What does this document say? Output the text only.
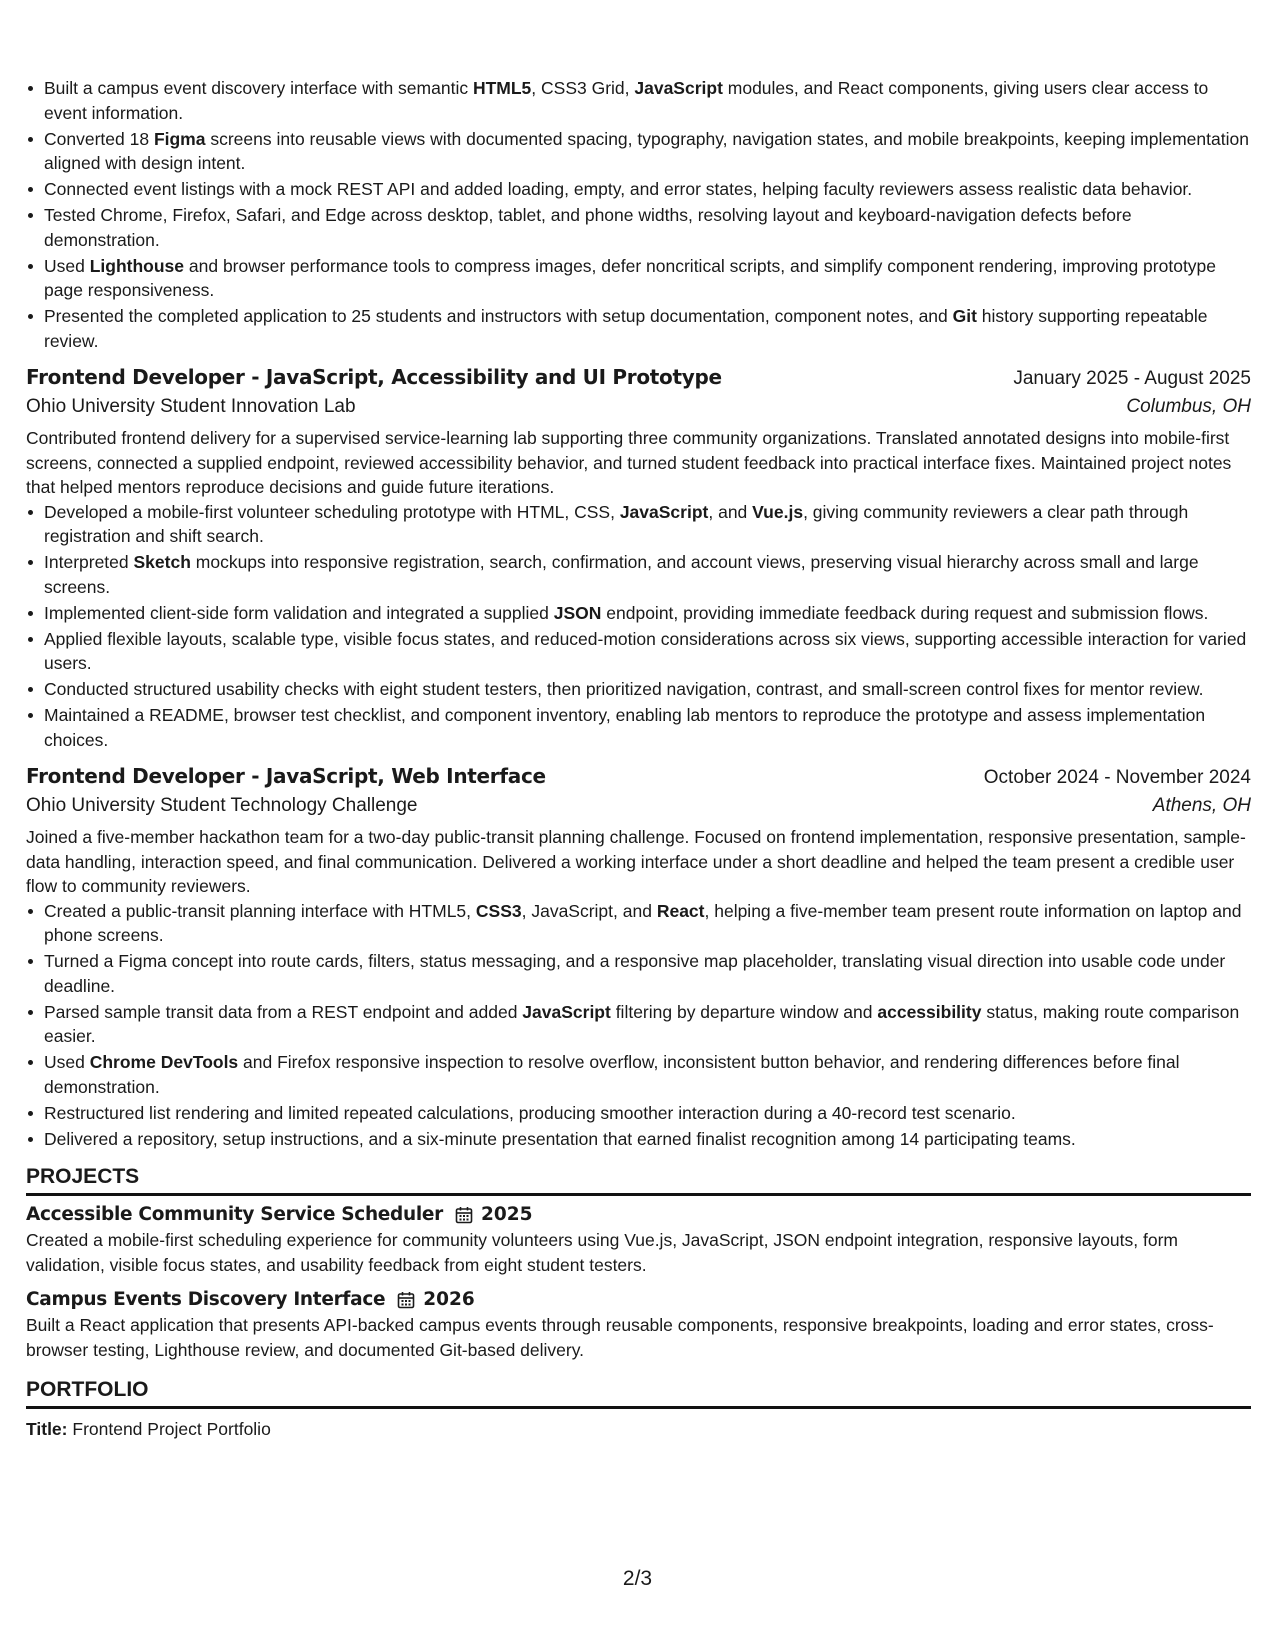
Built a campus event discovery interface with semantic HTML5, CSS3 Grid, JavaScript modules, and React components, giving users clear access to event information.
Converted 18 Figma screens into reusable views with documented spacing, typography, navigation states, and mobile breakpoints, keeping implementation aligned with design intent.
Connected event listings with a mock REST API and added loading, empty, and error states, helping faculty reviewers assess realistic data behavior.
Tested Chrome, Firefox, Safari, and Edge across desktop, tablet, and phone widths, resolving layout and keyboard-navigation defects before demonstration.
Used Lighthouse and browser performance tools to compress images, defer noncritical scripts, and simplify component rendering, improving prototype page responsiveness.
Presented the completed application to 25 students and instructors with setup documentation, component notes, and Git history supporting repeatable review.
Frontend Developer - JavaScript, Accessibility and UI Prototype	January 2025 - August 2025
Ohio University Student Innovation Lab	Columbus, OH
Contributed frontend delivery for a supervised service-learning lab supporting three community organizations. Translated annotated designs into mobile-first screens, connected a supplied endpoint, reviewed accessibility behavior, and turned student feedback into practical interface fixes. Maintained project notes that helped mentors reproduce decisions and guide future iterations.
Developed a mobile-first volunteer scheduling prototype with HTML, CSS, JavaScript, and Vue.js, giving community reviewers a clear path through registration and shift search.
Interpreted Sketch mockups into responsive registration, search, confirmation, and account views, preserving visual hierarchy across small and large screens.
Implemented client-side form validation and integrated a supplied JSON endpoint, providing immediate feedback during request and submission flows.
Applied flexible layouts, scalable type, visible focus states, and reduced-motion considerations across six views, supporting accessible interaction for varied users.
Conducted structured usability checks with eight student testers, then prioritized navigation, contrast, and small-screen control fixes for mentor review.
Maintained a README, browser test checklist, and component inventory, enabling lab mentors to reproduce the prototype and assess implementation choices.
Frontend Developer - JavaScript, Web Interface	October 2024 - November 2024
Ohio University Student Technology Challenge	Athens, OH
Joined a five-member hackathon team for a two-day public-transit planning challenge. Focused on frontend implementation, responsive presentation, sample-data handling, interaction speed, and final communication. Delivered a working interface under a short deadline and helped the team present a credible user flow to community reviewers.
Created a public-transit planning interface with HTML5, CSS3, JavaScript, and React, helping a five-member team present route information on laptop and phone screens.
Turned a Figma concept into route cards, filters, status messaging, and a responsive map placeholder, translating visual direction into usable code under deadline.
Parsed sample transit data from a REST endpoint and added JavaScript filtering by departure window and accessibility status, making route comparison easier.
Used Chrome DevTools and Firefox responsive inspection to resolve overflow, inconsistent button behavior, and rendering differences before final demonstration.
Restructured list rendering and limited repeated calculations, producing smoother interaction during a 40-record test scenario.
Delivered a repository, setup instructions, and a six-minute presentation that earned finalist recognition among 14 participating teams.
PROJECTS
Accessible Community Service Scheduler 2025
Created a mobile-first scheduling experience for community volunteers using Vue.js, JavaScript, JSON endpoint integration, responsive layouts, form validation, visible focus states, and usability feedback from eight student testers.
Campus Events Discovery Interface 2026
Built a React application that presents API-backed campus events through reusable components, responsive breakpoints, loading and error states, cross-browser testing, Lighthouse review, and documented Git-based delivery.
PORTFOLIO
Title: Frontend Project Portfolio
2/3
